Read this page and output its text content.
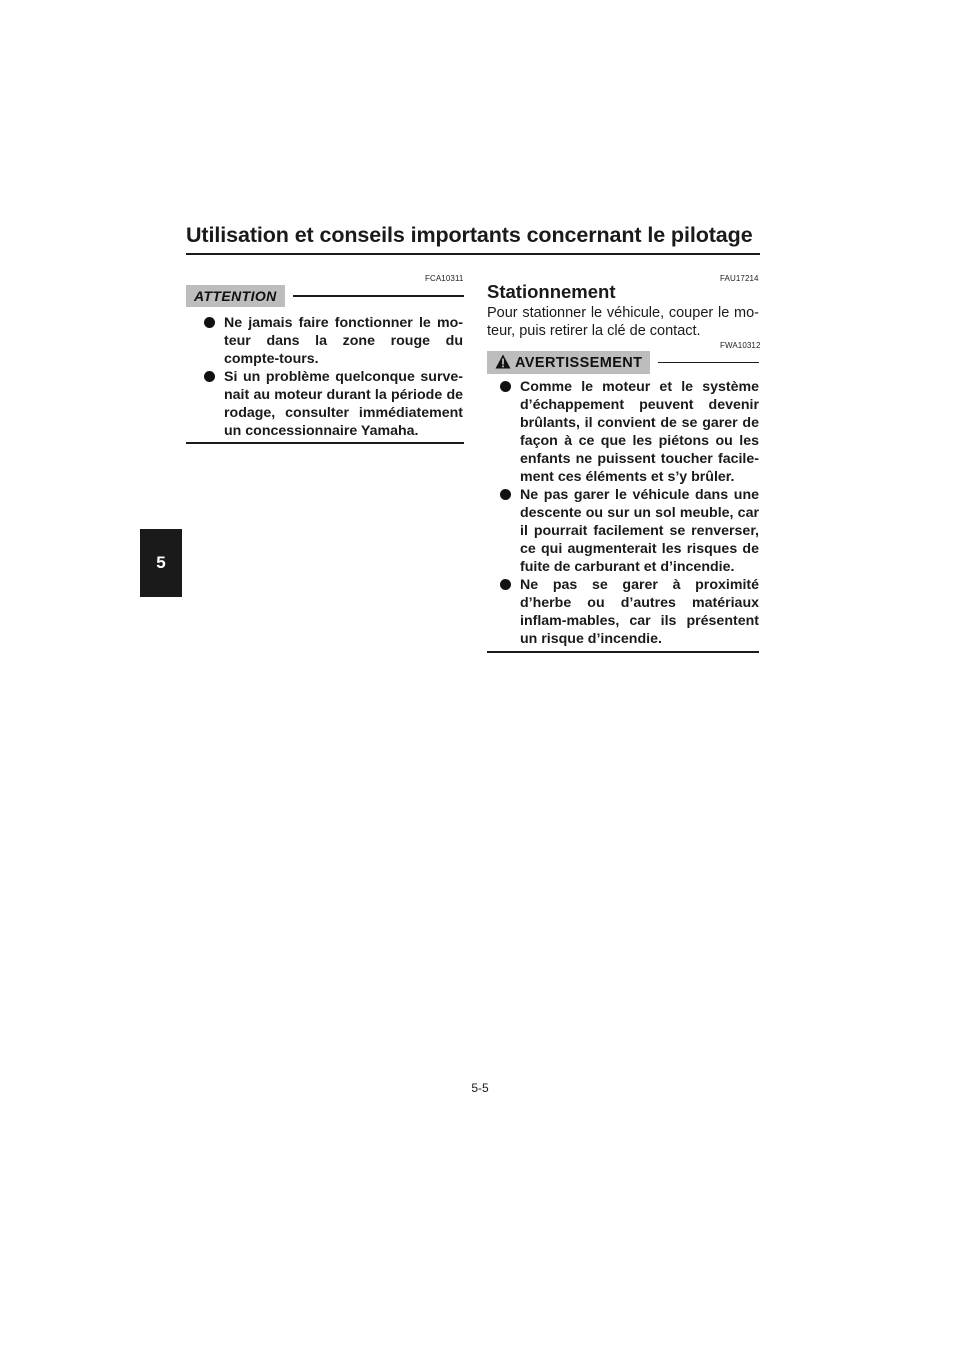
Utilisation et conseils importants concernant le pilotage
5
FCA10311
ATTENTION
Ne jamais faire fonctionner le mo-teur dans la zone rouge du compte-tours.
Si un problème quelconque surve-nait au moteur durant la période de rodage, consulter immédiatement un concessionnaire Yamaha.
FAU17214
Stationnement
Pour stationner le véhicule, couper le mo-teur, puis retirer la clé de contact.
FWA10312
AVERTISSEMENT
Comme le moteur et le système d’échappement peuvent devenir brûlants, il convient de se garer de façon à ce que les piétons ou les enfants ne puissent toucher facile-ment ces éléments et s’y brûler.
Ne pas garer le véhicule dans une descente ou sur un sol meuble, car il pourrait facilement se renverser, ce qui augmenterait les risques de fuite de carburant et d’incendie.
Ne pas se garer à proximité d’herbe ou d’autres matériaux inflam-mables, car ils présentent un risque d’incendie.
5-5
